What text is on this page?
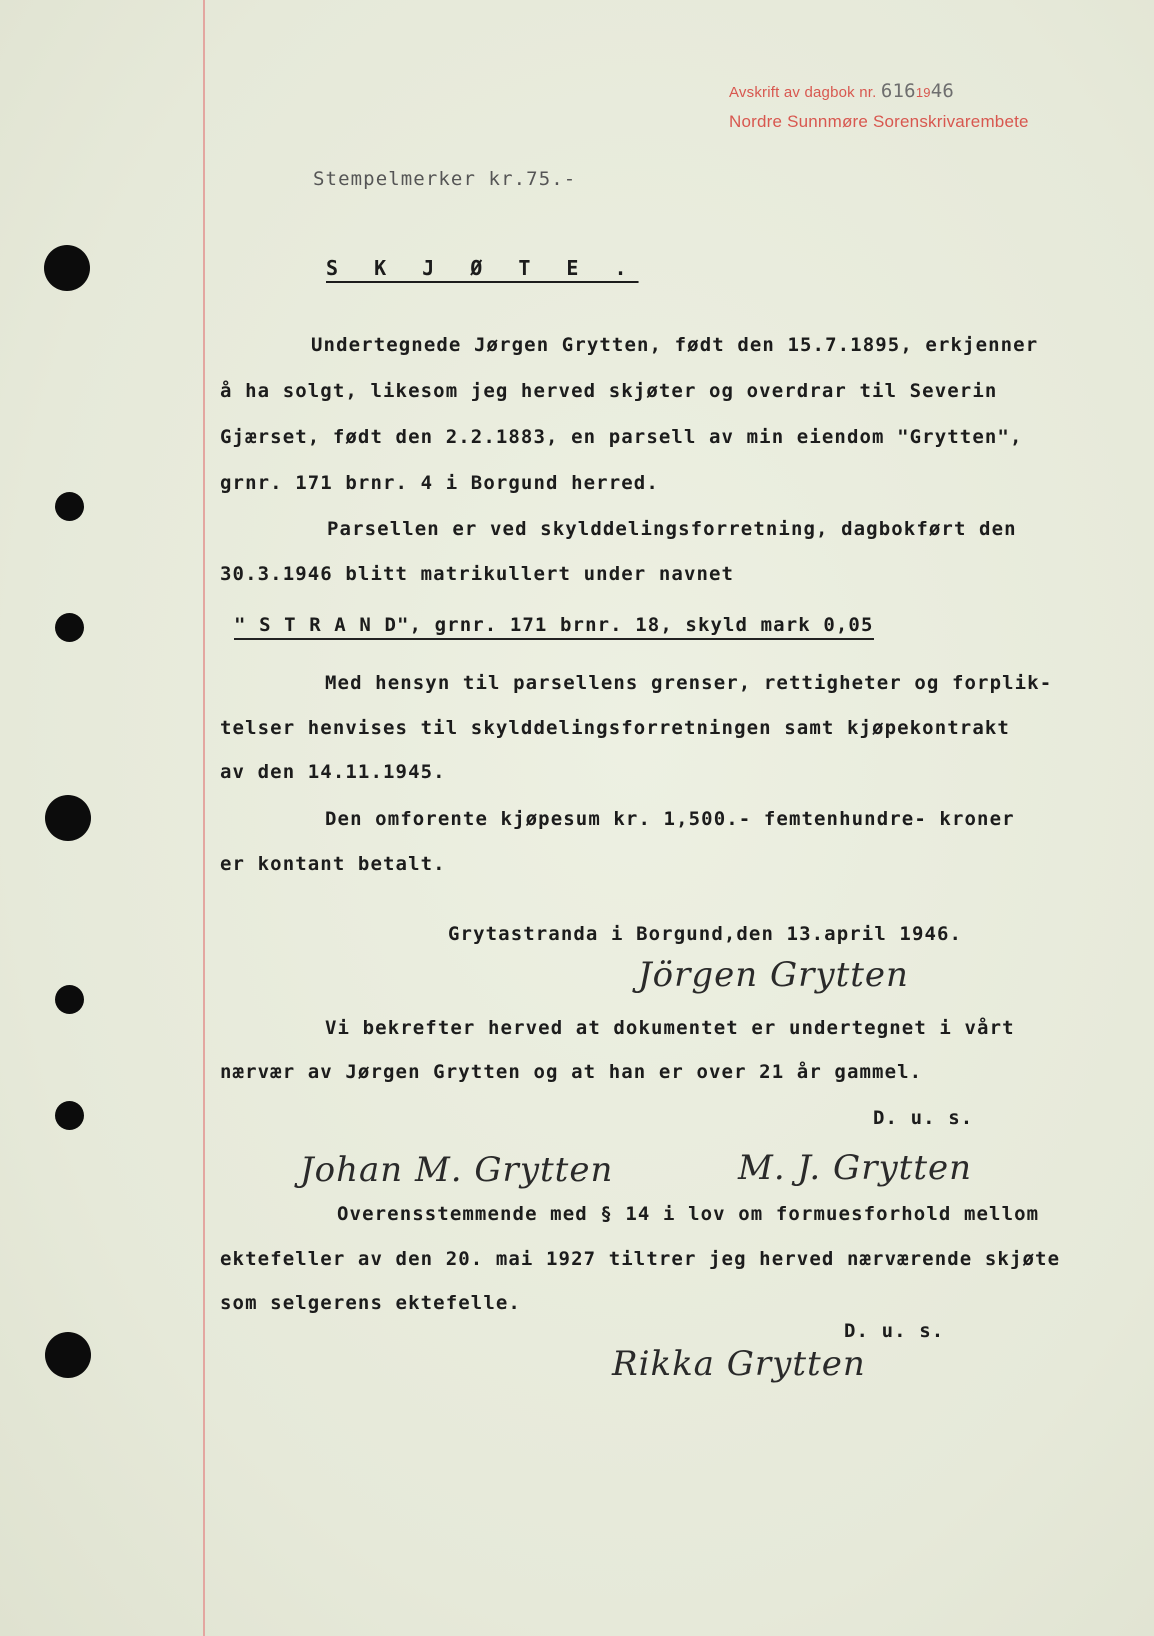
Avskrift av dagbok nr. 6161946
Nordre Sunnmøre Sorenskrivarembete
Stempelmerker kr.75.-
S K J Ø T E .
Undertegnede Jørgen Grytten, født den 15.7.1895, erkjenner
å ha solgt, likesom jeg herved skjøter og overdrar til Severin
Gjærset, født den 2.2.1883, en parsell av min eiendom "Grytten",
grnr. 171 brnr. 4 i Borgund herred.
Parsellen er ved skylddelingsforretning, dagbokført den
30.3.1946 blitt matrikullert under navnet
" S T R A N D", grnr. 171 brnr. 18, skyld mark 0,05
Med hensyn til parsellens grenser, rettigheter og forplik-
telser henvises til skylddelingsforretningen samt kjøpekontrakt
av den 14.11.1945.
Den omforente kjøpesum kr. 1,500.- femtenhundre- kroner
er kontant betalt.
Grytastranda i Borgund,den 13.april 1946.
Jörgen Grytten
Vi bekrefter herved at dokumentet er undertegnet i vårt
nærvær av Jørgen Grytten og at han er over 21 år gammel.
D. u. s.
Johan M. Grytten	M. J. Grytten
Overensstemmende med § 14 i lov om formuesforhold mellom
ektefeller av den 20. mai 1927 tiltrer jeg herved nærværende skjøte
som selgerens ektefelle.
D. u. s.
Rikka Grytten
